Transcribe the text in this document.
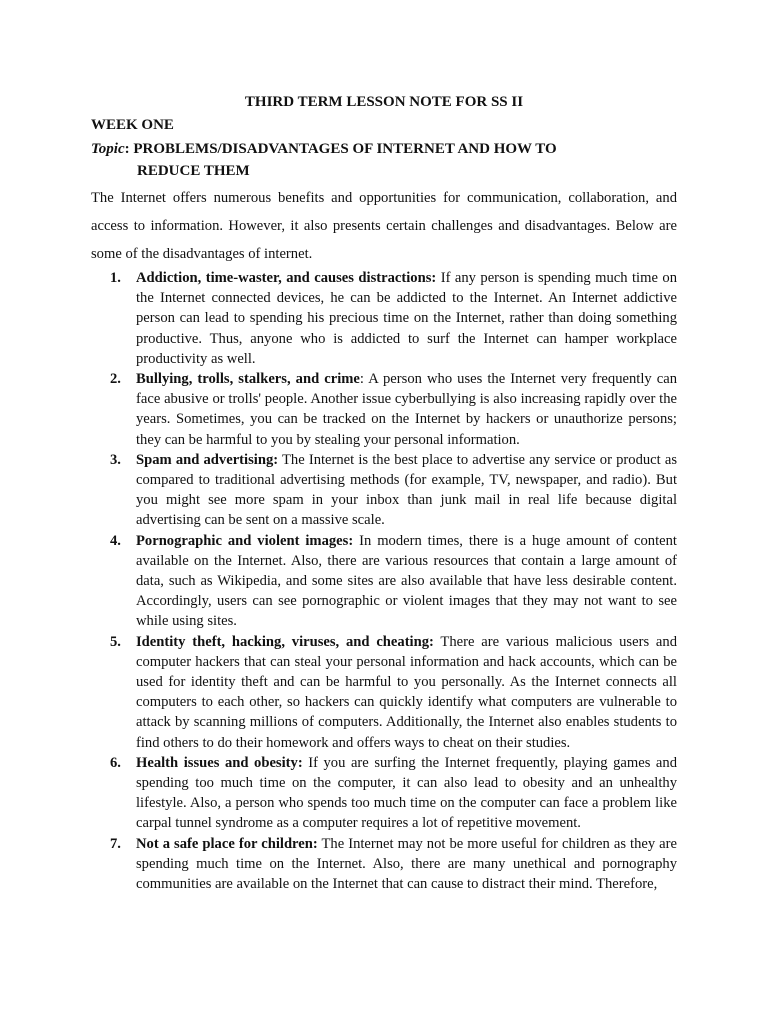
THIRD TERM LESSON NOTE FOR SS II
WEEK ONE
Topic: PROBLEMS/DISADVANTAGES OF INTERNET AND HOW TO
REDUCE THEM
The Internet offers numerous benefits and opportunities for communication, collaboration, and access to information. However, it also presents certain challenges and disadvantages. Below are some of the disadvantages of internet.
1. Addiction, time-waster, and causes distractions: If any person is spending much time on the Internet connected devices, he can be addicted to the Internet. An Internet addictive person can lead to spending his precious time on the Internet, rather than doing something productive. Thus, anyone who is addicted to surf the Internet can hamper workplace productivity as well.
2. Bullying, trolls, stalkers, and crime: A person who uses the Internet very frequently can face abusive or trolls' people. Another issue cyberbullying is also increasing rapidly over the years. Sometimes, you can be tracked on the Internet by hackers or unauthorize persons; they can be harmful to you by stealing your personal information.
3. Spam and advertising: The Internet is the best place to advertise any service or product as compared to traditional advertising methods (for example, TV, newspaper, and radio). But you might see more spam in your inbox than junk mail in real life because digital advertising can be sent on a massive scale.
4. Pornographic and violent images: In modern times, there is a huge amount of content available on the Internet. Also, there are various resources that contain a large amount of data, such as Wikipedia, and some sites are also available that have less desirable content. Accordingly, users can see pornographic or violent images that they may not want to see while using sites.
5. Identity theft, hacking, viruses, and cheating: There are various malicious users and computer hackers that can steal your personal information and hack accounts, which can be used for identity theft and can be harmful to you personally. As the Internet connects all computers to each other, so hackers can quickly identify what computers are vulnerable to attack by scanning millions of computers. Additionally, the Internet also enables students to find others to do their homework and offers ways to cheat on their studies.
6. Health issues and obesity: If you are surfing the Internet frequently, playing games and spending too much time on the computer, it can also lead to obesity and an unhealthy lifestyle. Also, a person who spends too much time on the computer can face a problem like carpal tunnel syndrome as a computer requires a lot of repetitive movement.
7. Not a safe place for children: The Internet may not be more useful for children as they are spending much time on the Internet. Also, there are many unethical and pornography communities are available on the Internet that can cause to distract their mind. Therefore,
